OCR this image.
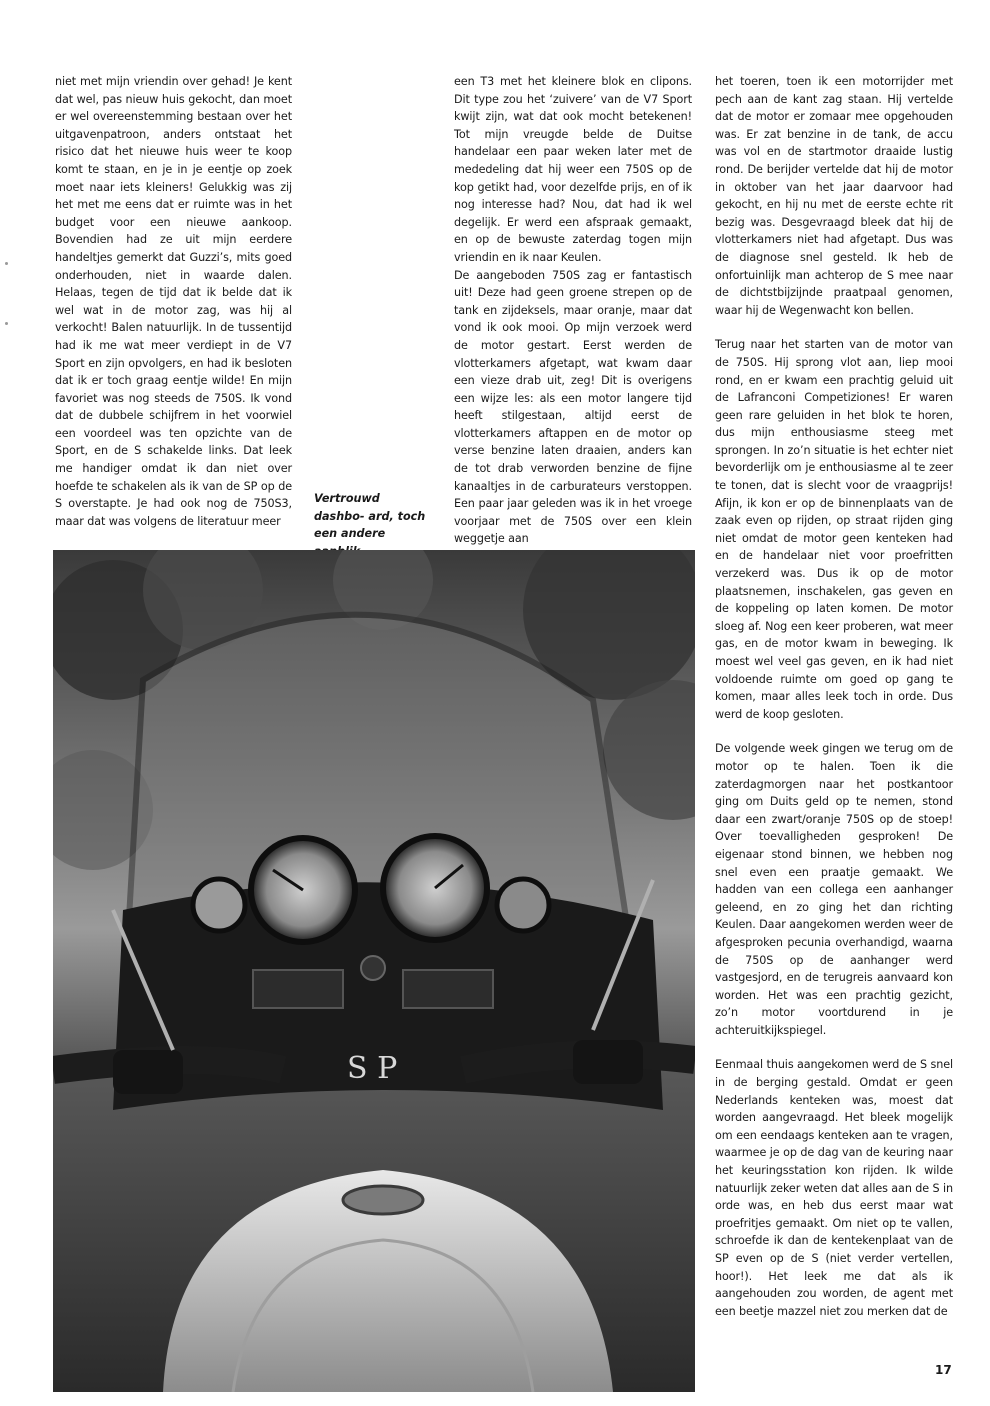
niet met mijn vriendin over gehad! Je kent dat wel, pas nieuw huis gekocht, dan moet er wel overeenstemming bestaan over het uitgavenpatroon, anders ontstaat het risico dat het nieuwe huis weer te koop komt te staan, en je in je eentje op zoek moet naar iets kleiners! Gelukkig was zij het met me eens dat er ruimte was in het budget voor een nieuwe aankoop. Bovendien had ze uit mijn eerdere handeltjes gemerkt dat Guzzi’s, mits goed onderhouden, niet in waarde dalen. Helaas, tegen de tijd dat ik belde dat ik wel wat in de motor zag, was hij al verkocht! Balen natuurlijk. In de tussentijd had ik me wat meer verdiept in de V7 Sport en zijn opvolgers, en had ik besloten dat ik er toch graag eentje wilde! En mijn favoriet was nog steeds de 750S. Ik vond dat de dubbele schijfrem in het voorwiel een voordeel was ten opzichte van de Sport, en de S schakelde links. Dat leek me handiger omdat ik dan niet over hoefde te schakelen als ik van de SP op de S overstapte. Je had ook nog de 750S3, maar dat was volgens de literatuur meer

een T3 met het kleinere blok en clipons. Dit type zou het ‘zuivere’ van de V7 Sport kwijt zijn, wat dat ook mocht betekenen! Tot mijn vreugde belde de Duitse handelaar een paar weken later met de mededeling dat hij weer een 750S op de kop getikt had, voor dezelfde prijs, en of ik nog interesse had? Nou, dat had ik wel degelijk. Er werd een afspraak gemaakt, en op de bewuste zaterdag togen mijn vriendin en ik naar Keulen.

De aangeboden 750S zag er fantastisch uit! Deze had geen groene strepen op de tank en zijdeksels, maar oranje, maar dat vond ik ook mooi. Op mijn verzoek werd de motor gestart. Eerst werden de vlotterkamers afgetapt, wat kwam daar een vieze drab uit, zeg! Dit is overigens een wijze les: als een motor langere tijd heeft stilgestaan, altijd eerst de vlotterkamers aftappen en de motor op verse benzine laten draaien, anders kan de tot drab verworden benzine de fijne kanaaltjes in de carburateurs verstoppen. Een paar jaar geleden was ik in het vroege voorjaar met de 750S over een klein weggetje aan

het toeren, toen ik een motorrijder met pech aan de kant zag staan. Hij vertelde dat de motor er zomaar mee opgehouden was. Er zat benzine in de tank, de accu was vol en de startmotor draaide lustig rond. De berijder vertelde dat hij de motor in oktober van het jaar daarvoor had gekocht, en hij nu met de eerste echte rit bezig was. Desgevraagd bleek dat hij de vlotterkamers niet had afgetapt. Dus was de diagnose snel gesteld. Ik heb de onfortuinlijk man achterop de S mee naar de dichtstbijzijnde praatpaal genomen, waar hij de Wegenwacht kon bellen.

Terug naar het starten van de motor van de 750S. Hij sprong vlot aan, liep mooi rond, en er kwam een prachtig geluid uit de Lafranconi Competiziones! Er waren geen rare geluiden in het blok te horen, dus mijn enthousiasme steeg met sprongen. In zo’n situatie is het echter niet bevorderlijk om je enthousiasme al te zeer te tonen, dat is slecht voor de vraagprijs! Afijn, ik kon er op de binnenplaats van de zaak even op rijden, op straat rijden ging niet omdat de motor geen kenteken had en de handelaar niet voor proefritten verzekerd was. Dus ik op de motor plaatsnemen, inschakelen, gas geven en de koppeling op laten komen. De motor sloeg af. Nog een keer proberen, wat meer gas, en de motor kwam in beweging. Ik moest wel veel gas geven, en ik had niet voldoende ruimte om goed op gang te komen, maar alles leek toch in orde. Dus werd de koop gesloten.

De volgende week gingen we terug om de motor op te halen. Toen ik die zaterdagmorgen naar het postkantoor ging om Duits geld op te nemen, stond daar een zwart/oranje 750S op de stoep! Over toevalligheden gesproken! De eigenaar stond binnen, we hebben nog snel even een praatje gemaakt. We hadden van een collega een aanhanger geleend, en zo ging het dan richting Keulen. Daar aangekomen werden weer de afgesproken pecunia overhandigd, waarna de 750S op de aanhanger werd vastgesjord, en de terugreis aanvaard kon worden. Het was een prachtig gezicht, zo’n motor voortdurend in je achteruitkijkspiegel.

Eenmaal thuis aangekomen werd de S snel in de berging gestald. Omdat er geen Nederlands kenteken was, moest dat worden aangevraagd. Het bleek mogelijk om een eendaags kenteken aan te vragen, waarmee je op de dag van de keuring naar het keuringsstation kon rijden. Ik wilde natuurlijk zeker weten dat alles aan de S in orde was, en heb dus eerst maar wat proefritjes gemaakt. Om niet op te vallen, schroefde ik dan de kentekenplaat van de SP even op de S (niet verder vertellen, hoor!). Het leek me dat als ik aangehouden zou worden, de agent met een beetje mazzel niet zou merken dat de

Vertrouwd dashbo- ard, toch een andere
S P
17
